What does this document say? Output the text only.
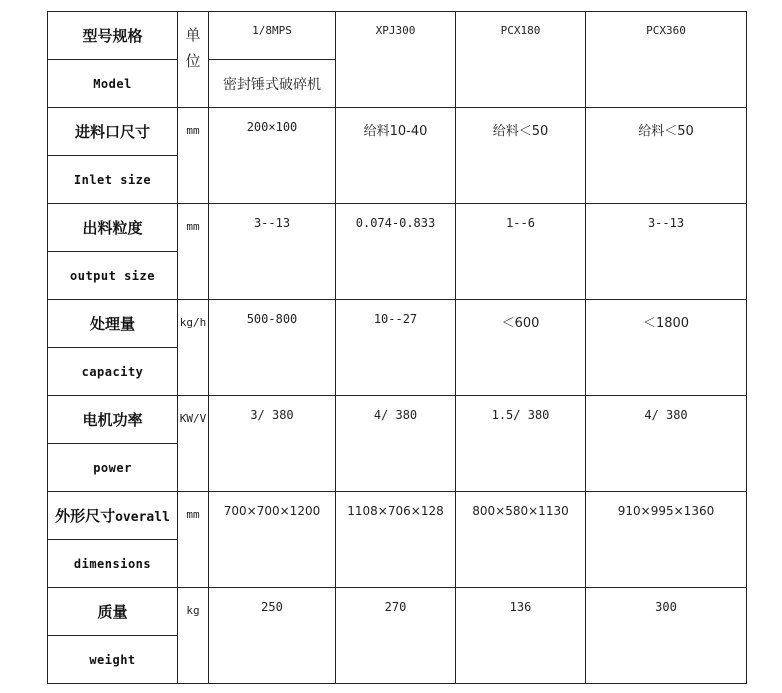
型号规格	单位	1/8MPS	XPJ300	PCX180	PCX360
Model		密封锤式破碎机			
进料口尺寸	mm	200×100	给料10-40	给料＜50	给料＜50
Inlet size					
出料粒度	mm	3--13	0.074-0.833	1--6	3--13
output size					
处理量	kg/h	500-800	10--27	＜600	＜1800
capacity					
电机功率	KW/V	3/ 380	4/ 380	1.5/ 380	4/ 380
power					
外形尺寸overall	mm	700×700×1200	1108×706×128	800×580×1130	910×995×1360
dimensions					
质量	kg	250	270	136	300
weight					
